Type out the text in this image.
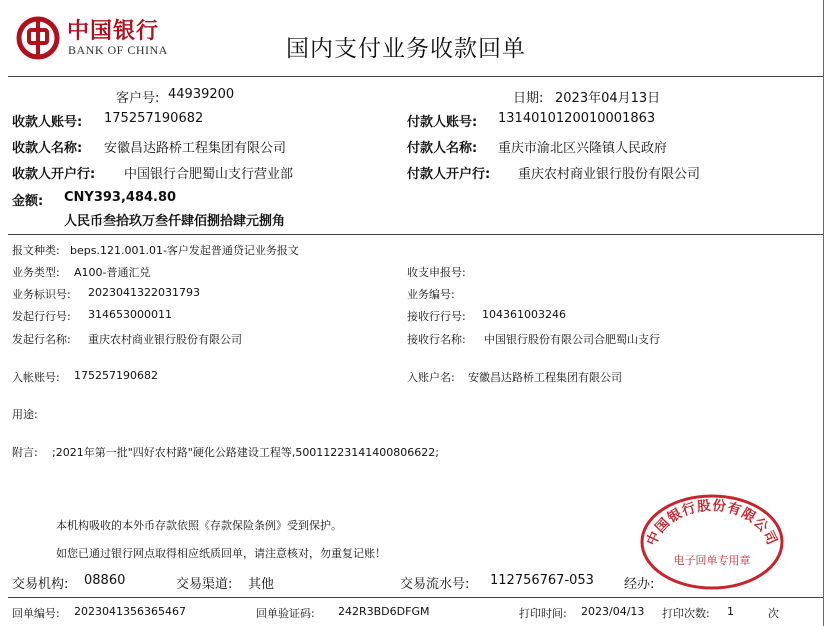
中国银行
BANK OF CHINA	国内支付业务收款回单
客户号: 44939200	日期: 2023年04月13日
收款人账号: 175257190682	付款人账号: 1314010120010001863
收款人名称: 安徽昌达路桥工程集团有限公司	付款人名称: 重庆市渝北区兴隆镇人民政府
收款人开户行: 中国银行合肥蜀山支行营业部	付款人开户行: 重庆农村商业银行股份有限公司
金额: CNY393,484.80
人民币叁拾玖万叁仟肆佰捌拾肆元捌角
报文种类: beps.121.001.01-客户发起普通贷记业务报文
业务类型: A100-普通汇兑	收支申报号:
业务标识号: 2023041322031793	业务编号:
发起行行号: 314653000011	接收行行号: 104361003246
发起行名称: 重庆农村商业银行股份有限公司	接收行名称: 中国银行股份有限公司合肥蜀山支行
入帐账号: 175257190682	入账户名: 安徽昌达路桥工程集团有限公司
用途:
附言: ;2021年第一批"四好农村路"硬化公路建设工程等,50011223141400806622;
本机构吸收的本外币存款依照《存款保险条例》受到保护。
如您已通过银行网点取得相应纸质回单，请注意核对，勿重复记账！
中国银行股份有限公司
电子回单专用章
交易机构: 08860	交易渠道: 其他	交易流水号: 112756767-053 经办:
回单编号: 2023041356365467	回单验证码: 242R3BD6DFGM	打印时间: 2023/04/13 打印次数: 1	次
